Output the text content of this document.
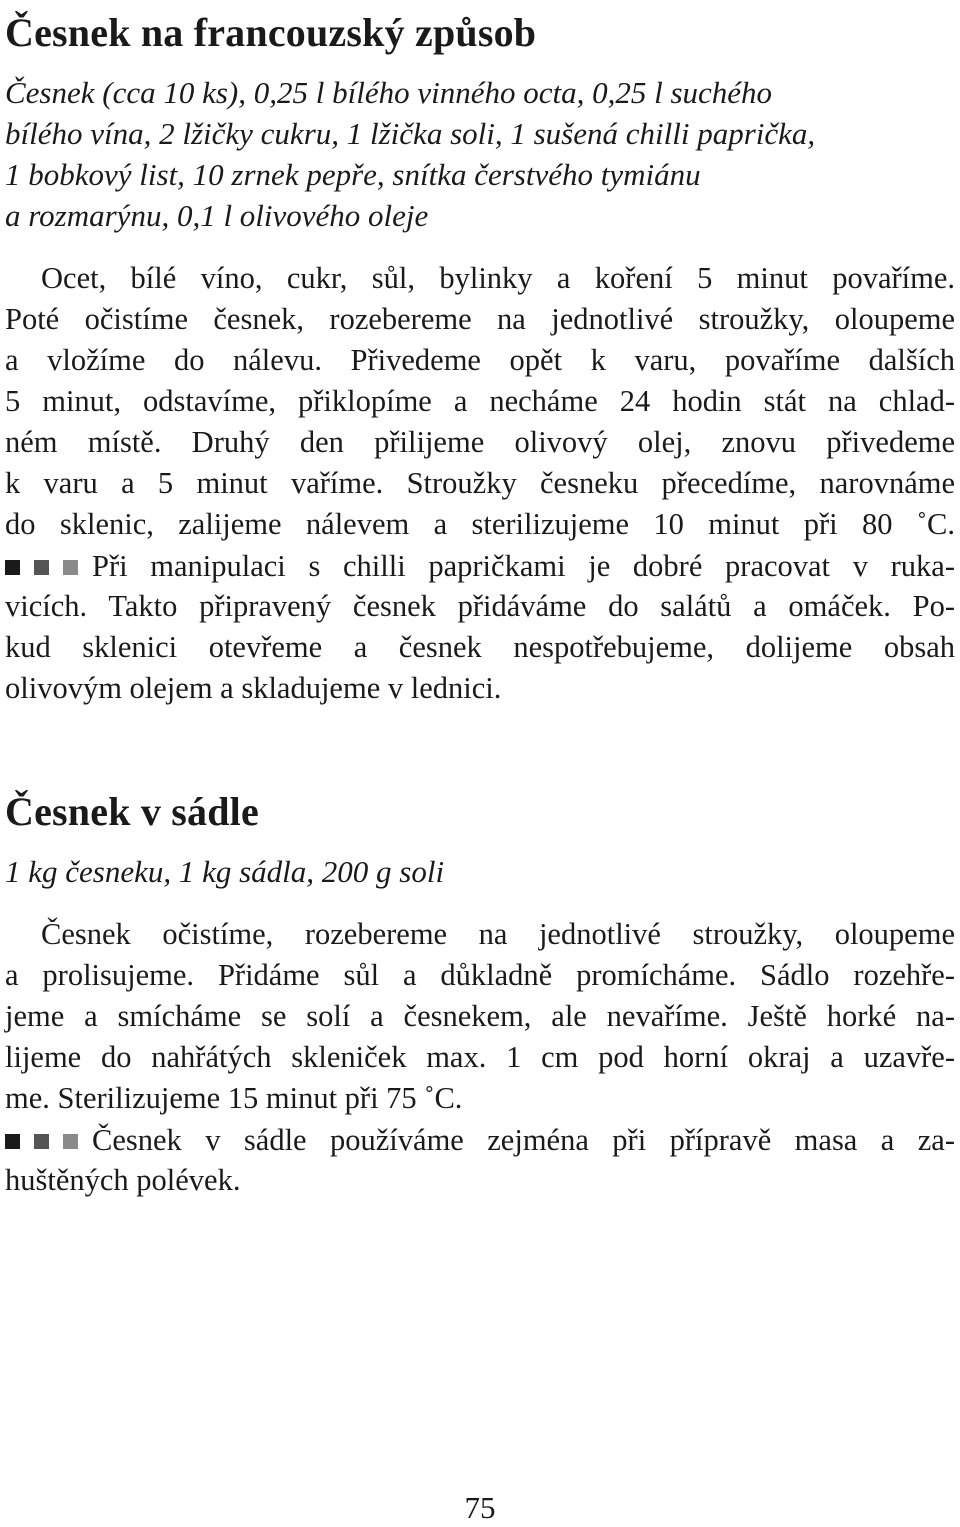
Česnek na francouzský způsob
Česnek (cca 10 ks), 0,25 l bílého vinného octa, 0,25 l suchého
bílého vína, 2 lžičky cukru, 1 lžička soli, 1 sušená chilli paprička,
1 bobkový list, 10 zrnek pepře, snítka čerstvého tymiánu
a rozmarýnu, 0,1 l olivového oleje
Ocet, bílé víno, cukr, sůl, bylinky a koření 5 minut povaříme.
Poté očistíme česnek, rozebereme na jednotlivé stroužky, oloupeme
a vložíme do nálevu. Přivedeme opět k varu, povaříme dalších
5 minut, odstavíme, přiklopíme a necháme 24 hodin stát na chlad-
ném místě. Druhý den přilijeme olivový olej, znovu přivedeme
k varu a 5 minut vaříme. Stroužky česneku přecedíme, narovnáme
do sklenic, zalijeme nálevem a sterilizujeme 10 minut při 80 ˚C.
Při manipulaci s chilli papričkami je dobré pracovat v ruka-
vicích. Takto připravený česnek přidáváme do salátů a omáček. Po-
kud sklenici otevřeme a česnek nespotřebujeme, dolijeme obsah
olivovým olejem a skladujeme v lednici.
Česnek v sádle
1 kg česneku, 1 kg sádla, 200 g soli
Česnek očistíme, rozebereme na jednotlivé stroužky, oloupeme
a prolisujeme. Přidáme sůl a důkladně promícháme. Sádlo rozehře-
jeme a smícháme se solí a česnekem, ale nevaříme. Ještě horké na-
lijeme do nahřátých skleniček max. 1 cm pod horní okraj a uzavře-
me. Sterilizujeme 15 minut při 75 ˚C.
Česnek v sádle používáme zejména při přípravě masa a za-
huštěných polévek.
75
